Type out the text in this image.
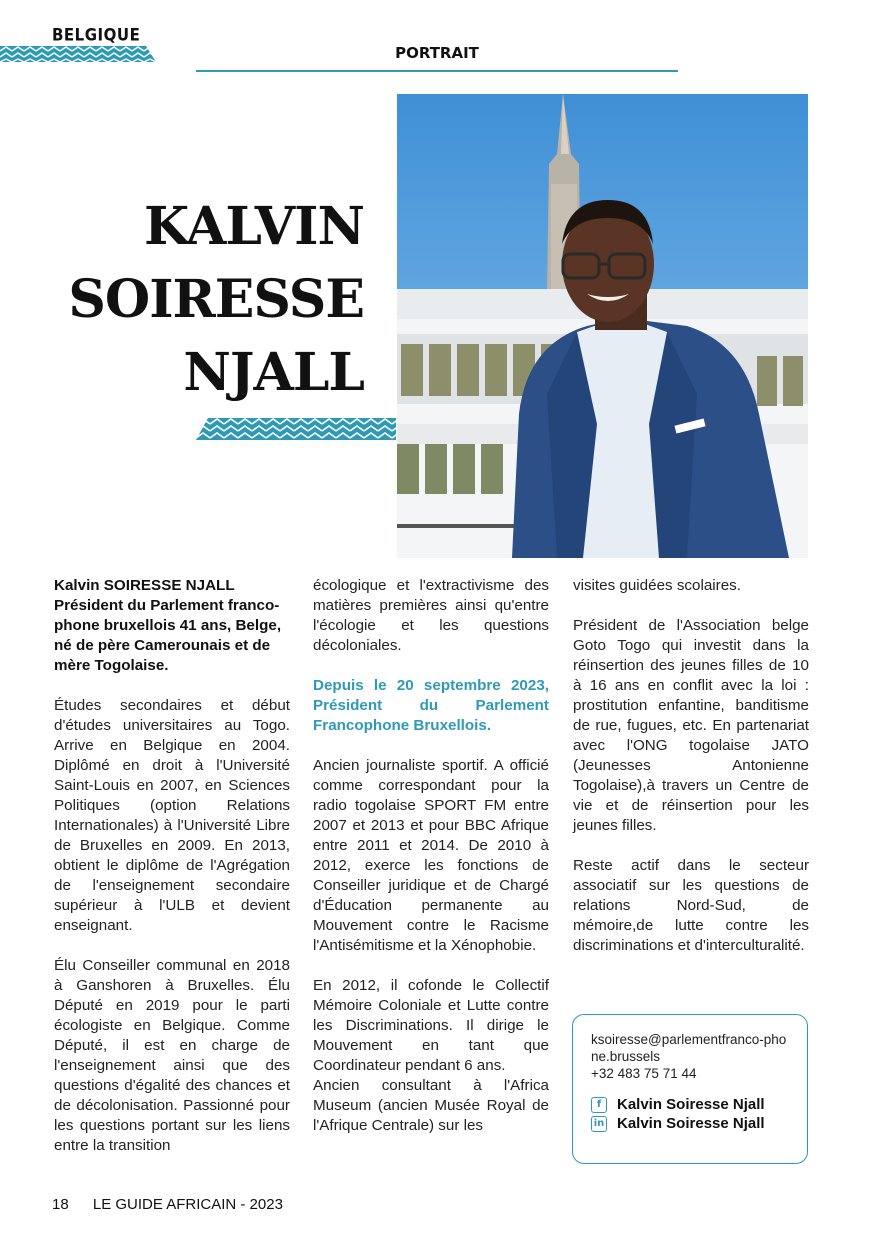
BELGIQUE
PORTRAIT
KALVIN
SOIRESSE
NJALL

Kalvin SOIRESSE NJALL Président du Parlement franco-phone bruxellois 41 ans, Belge, né de père Camerounais et de mère Togolaise.

Études secondaires et début d'études universitaires au Togo. Arrive en Belgique en 2004. Diplômé en droit à l'Université Saint-Louis en 2007, en Sciences Politiques (option Relations Internationales) à l'Université Libre de Bruxelles en 2009. En 2013, obtient le diplôme de l'Agrégation de l'enseignement secondaire supérieur à l'ULB et devient enseignant.

Élu Conseiller communal en 2018 à Ganshoren à Bruxelles. Élu Député en 2019 pour le parti écologiste en Belgique. Comme Député, il est en charge de l'enseignement ainsi que des questions d'égalité des chances et de décolonisation. Passionné pour les questions portant sur les liens entre la transition

écologique et l'extractivisme des matières premières ainsi qu'entre l'écologie et les questions décoloniales.

Depuis le 20 septembre 2023, Président du Parlement Francophone Bruxellois.

Ancien journaliste sportif. A officié comme correspondant pour la radio togolaise SPORT FM entre 2007 et 2013 et pour BBC Afrique entre 2011 et 2014. De 2010 à 2012, exerce les fonctions de Conseiller juridique et de Chargé d'Éducation permanente au Mouvement contre le Racisme l'Antisémitisme et la Xénophobie.

En 2012, il cofonde le Collectif Mémoire Coloniale et Lutte contre les Discriminations. Il dirige le Mouvement en tant que Coordinateur pendant 6 ans.

Ancien consultant à l'Africa Museum (ancien Musée Royal de l'Afrique Centrale) sur les

visites guidées scolaires.

Président de l'Association belge Goto Togo qui investit dans la réinsertion des jeunes filles de 10 à 16 ans en conflit avec la loi : prostitution enfantine, banditisme de rue, fugues, etc. En partenariat avec l'ONG togolaise JATO (Jeunesses Antonienne Togolaise),à travers un Centre de vie et de réinsertion pour les jeunes filles.

Reste actif dans le secteur associatif sur les questions de relations Nord-Sud, de mémoire,de lutte contre les discriminations et d'interculturalité.

ksoiresse@parlementfranco-phone.brussels
+32 483 75 71 44
f	Kalvin Soiresse Njall
in Kalvin Soiresse Njall
18 LE GUIDE AFRICAIN - 2023
